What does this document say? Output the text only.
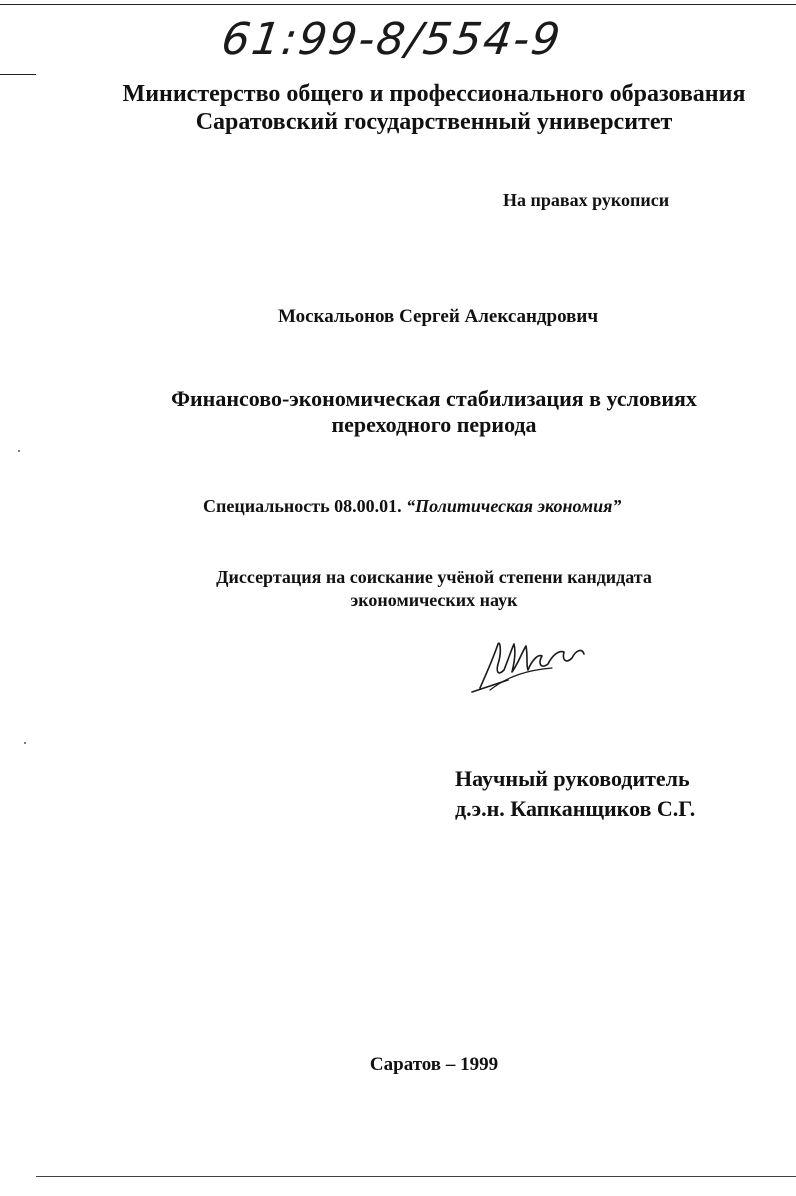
61:99-8/554-9
Министерство общего и профессионального образования
Саратовский государственный университет
На правах рукописи
Москальонов Сергей Александрович
Финансово-экономическая стабилизация в условиях
переходного периода
Специальность 08.00.01. “Политическая экономия”
Диссертация на соискание учёной степени кандидата
экономических наук
Научный руководитель
д.э.н. Капканщиков С.Г.
Саратов – 1999
